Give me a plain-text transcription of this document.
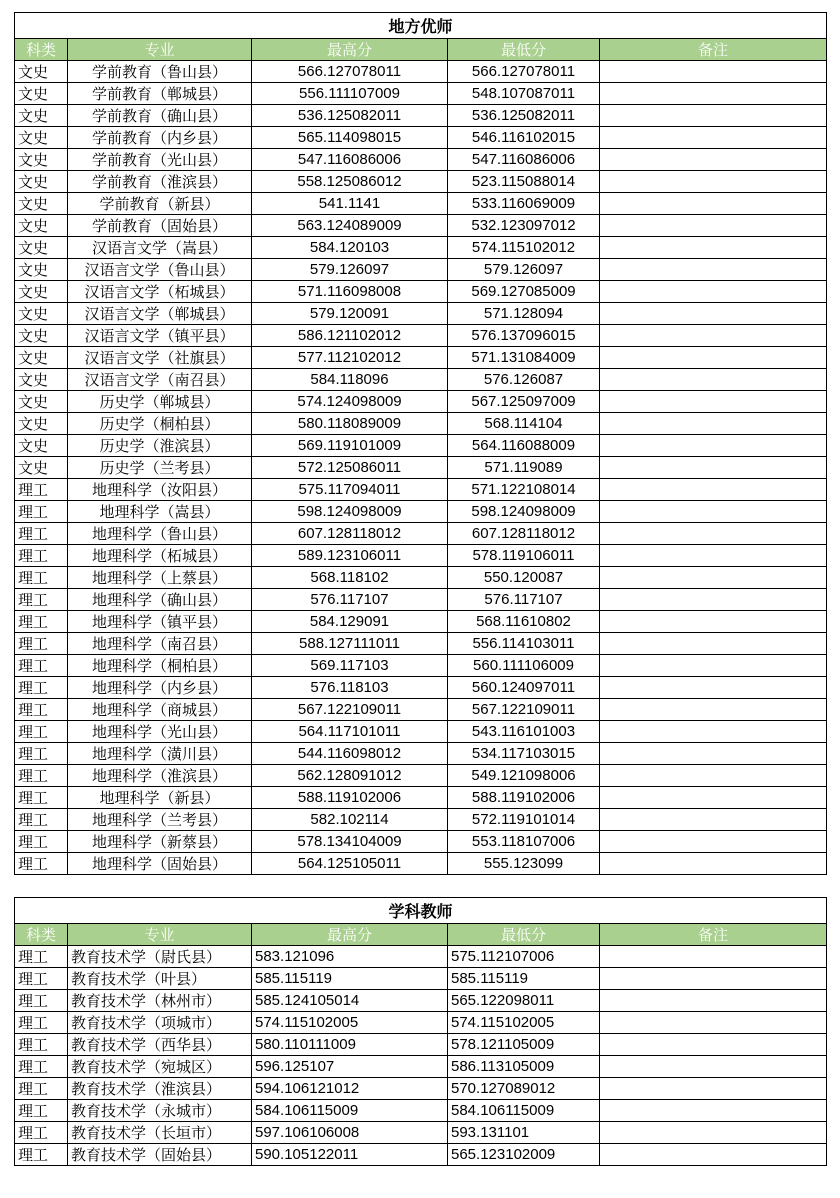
地方优师				
科类	专业	最高分	最低分	备注
文史	学前教育（鲁山县）	566.127078011	566.127078011	
文史	学前教育（郸城县）	556.111107009	548.107087011	
文史	学前教育（确山县）	536.125082011	536.125082011	
文史	学前教育（内乡县）	565.114098015	546.116102015	
文史	学前教育（光山县）	547.116086006	547.116086006	
文史	学前教育（淮滨县）	558.125086012	523.115088014	
文史	学前教育（新县）	541.1141	533.116069009	
文史	学前教育（固始县）	563.124089009	532.123097012	
文史	汉语言文学（嵩县）	584.120103	574.115102012	
文史	汉语言文学（鲁山县）	579.126097	579.126097	
文史	汉语言文学（柘城县）	571.116098008	569.127085009	
文史	汉语言文学（郸城县）	579.120091	571.128094	
文史	汉语言文学（镇平县）	586.121102012	576.137096015	
文史	汉语言文学（社旗县）	577.112102012	571.131084009	
文史	汉语言文学（南召县）	584.118096	576.126087	
文史	历史学（郸城县）	574.124098009	567.125097009	
文史	历史学（桐柏县）	580.118089009	568.114104	
文史	历史学（淮滨县）	569.119101009	564.116088009	
文史	历史学（兰考县）	572.125086011	571.119089	
理工	地理科学（汝阳县）	575.117094011	571.122108014	
理工	地理科学（嵩县）	598.124098009	598.124098009	
理工	地理科学（鲁山县）	607.128118012	607.128118012	
理工	地理科学（柘城县）	589.123106011	578.119106011	
理工	地理科学（上蔡县）	568.118102	550.120087	
理工	地理科学（确山县）	576.117107	576.117107	
理工	地理科学（镇平县）	584.129091	568.11610802	
理工	地理科学（南召县）	588.127111011	556.114103011	
理工	地理科学（桐柏县）	569.117103	560.111106009	
理工	地理科学（内乡县）	576.118103	560.124097011	
理工	地理科学（商城县）	567.122109011	567.122109011	
理工	地理科学（光山县）	564.117101011	543.116101003	
理工	地理科学（潢川县）	544.116098012	534.117103015	
理工	地理科学（淮滨县）	562.128091012	549.121098006	
理工	地理科学（新县）	588.119102006	588.119102006	
理工	地理科学（兰考县）	582.102114	572.119101014	
理工	地理科学（新蔡县）	578.134104009	553.118107006	
理工	地理科学（固始县）	564.125105011	555.123099	
学科教师				
科类	专业	最高分	最低分	备注
理工	教育技术学（尉氏县）	583.121096	575.112107006	
理工	教育技术学（叶县）	585.115119	585.115119	
理工	教育技术学（林州市）	585.124105014	565.122098011	
理工	教育技术学（项城市）	574.115102005	574.115102005	
理工	教育技术学（西华县）	580.110111009	578.121105009	
理工	教育技术学（宛城区）	596.125107	586.113105009	
理工	教育技术学（淮滨县）	594.106121012	570.127089012	
理工	教育技术学（永城市）	584.106115009	584.106115009	
理工	教育技术学（长垣市）	597.106106008	593.131101	
理工	教育技术学（固始县）	590.105122011	565.123102009	
